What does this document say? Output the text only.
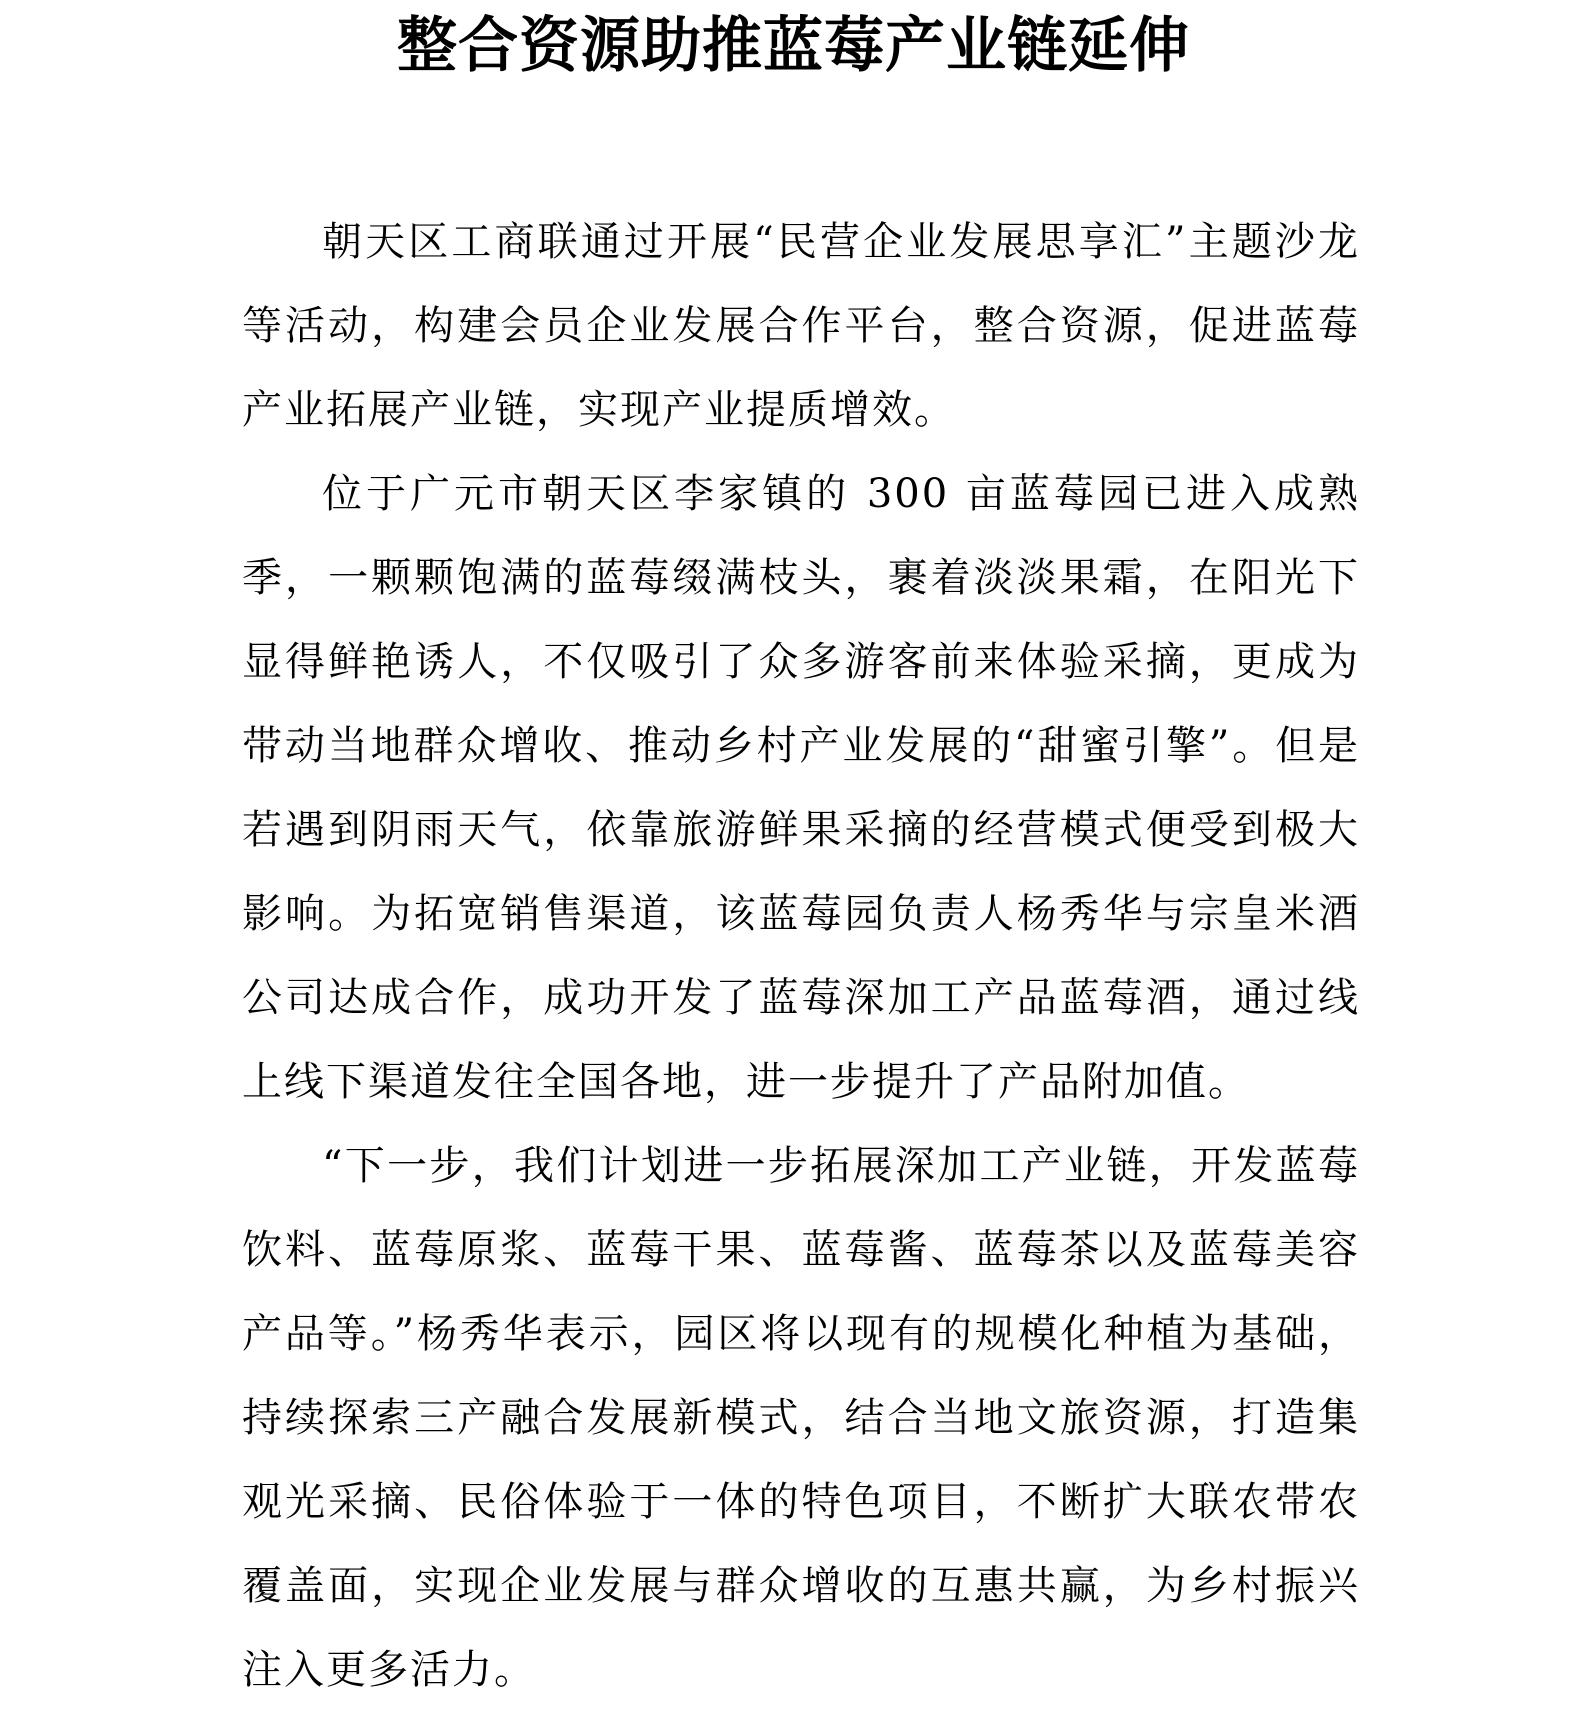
整合资源助推蓝莓产业链延伸

朝天区工商联通过开展“民营企业发展思享汇”主题沙龙等活动，构建会员企业发展合作平台，整合资源，促进蓝莓产业拓展产业链，实现产业提质增效。

位于广元市朝天区李家镇的 300 亩蓝莓园已进入成熟季，一颗颗饱满的蓝莓缀满枝头，裹着淡淡果霜，在阳光下显得鲜艳诱人，不仅吸引了众多游客前来体验采摘，更成为带动当地群众增收、推动乡村产业发展的“甜蜜引擎”。但是若遇到阴雨天气，依靠旅游鲜果采摘的经营模式便受到极大影响。为拓宽销售渠道，该蓝莓园负责人杨秀华与宗皇米酒公司达成合作，成功开发了蓝莓深加工产品蓝莓酒，通过线上线下渠道发往全国各地，进一步提升了产品附加值。

“下一步，我们计划进一步拓展深加工产业链，开发蓝莓饮料、蓝莓原浆、蓝莓干果、蓝莓酱、蓝莓茶以及蓝莓美容产品等。”杨秀华表示，园区将以现有的规模化种植为基础，持续探索三产融合发展新模式，结合当地文旅资源，打造集观光采摘、民俗体验于一体的特色项目，不断扩大联农带农覆盖面，实现企业发展与群众增收的互惠共赢，为乡村振兴注入更多活力。
